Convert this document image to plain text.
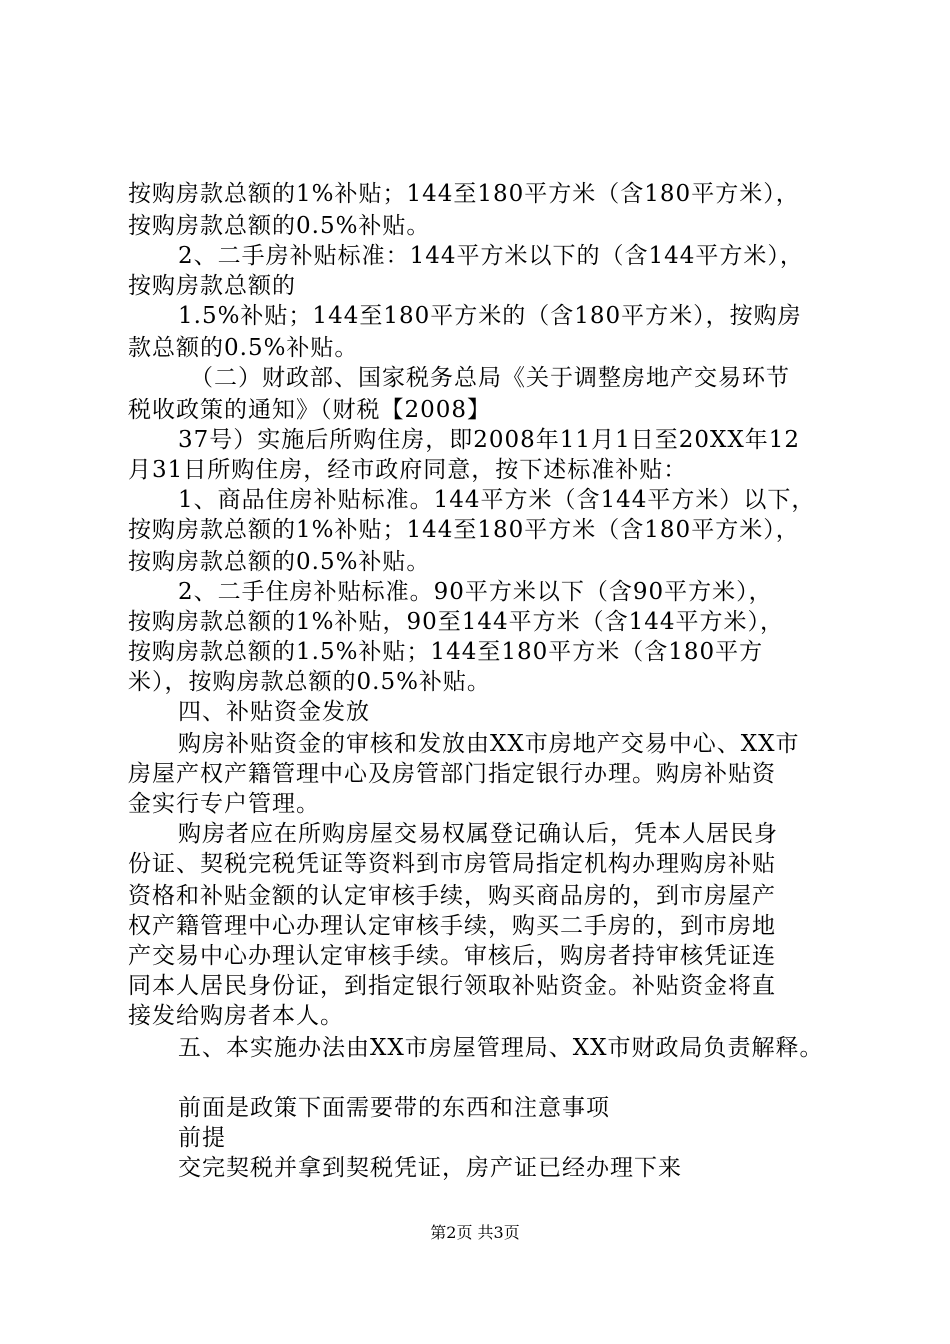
按购房款总额的1%补贴；144至180平方米（含180平方米），
按购房款总额的0.5%补贴。
2、二手房补贴标准：144平方米以下的（含144平方米），
按购房款总额的
1.5%补贴；144至180平方米的（含180平方米），按购房
款总额的0.5%补贴。
（二）财政部、国家税务总局《关于调整房地产交易环节
税收政策的通知》（财税【2008】
37号）实施后所购住房，即2008年11月1日至20XX年12
月31日所购住房，经市政府同意，按下述标准补贴：
1、商品住房补贴标准。144平方米（含144平方米）以下，
按购房款总额的1%补贴；144至180平方米（含180平方米），
按购房款总额的0.5%补贴。
2、二手住房补贴标准。90平方米以下（含90平方米），
按购房款总额的1%补贴，90至144平方米（含144平方米），
按购房款总额的1.5%补贴；144至180平方米（含180平方
米），按购房款总额的0.5%补贴。
四、补贴资金发放
购房补贴资金的审核和发放由XX市房地产交易中心、XX市
房屋产权产籍管理中心及房管部门指定银行办理。购房补贴资
金实行专户管理。
购房者应在所购房屋交易权属登记确认后，凭本人居民身
份证、契税完税凭证等资料到市房管局指定机构办理购房补贴
资格和补贴金额的认定审核手续，购买商品房的，到市房屋产
权产籍管理中心办理认定审核手续，购买二手房的，到市房地
产交易中心办理认定审核手续。审核后，购房者持审核凭证连
同本人居民身份证，到指定银行领取补贴资金。补贴资金将直
接发给购房者本人。
五、本实施办法由XX市房屋管理局、XX市财政局负责解释。
前面是政策下面需要带的东西和注意事项
前提
交完契税并拿到契税凭证，房产证已经办理下来
第2页 共3页
